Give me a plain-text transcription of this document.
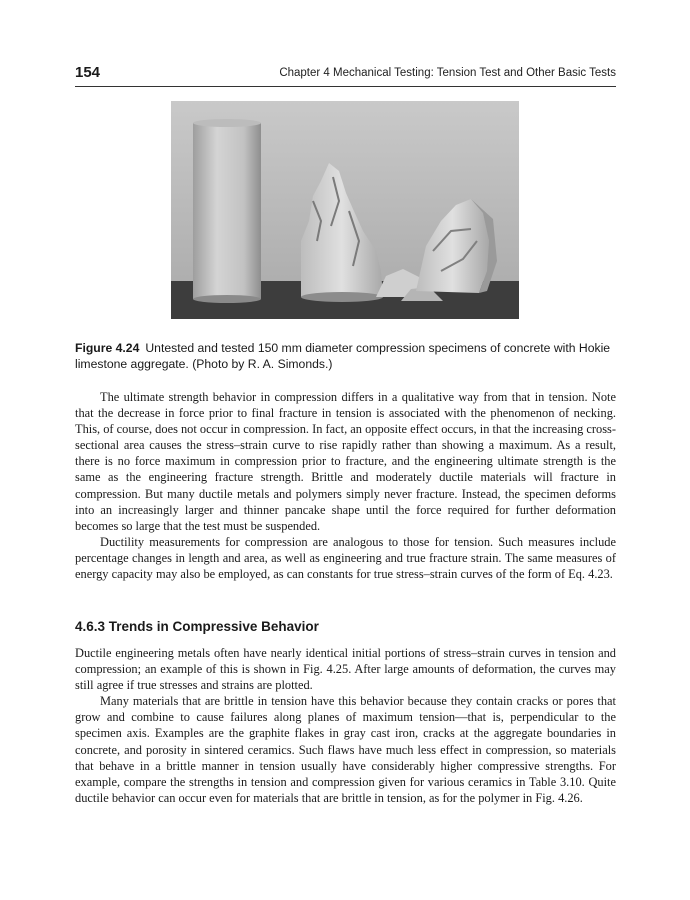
154	Chapter 4 Mechanical Testing: Tension Test and Other Basic Tests
Figure 4.24 Untested and tested 150 mm diameter compression specimens of concrete with Hokie limestone aggregate. (Photo by R. A. Simonds.)

The ultimate strength behavior in compression differs in a qualitative way from that in tension. Note that the decrease in force prior to final fracture in tension is associated with the phenomenon of necking. This, of course, does not occur in compression. In fact, an opposite effect occurs, in that the increasing cross-sectional area causes the stress–strain curve to rise rapidly rather than showing a maximum. As a result, there is no force maximum in compression prior to fracture, and the engineering ultimate strength is the same as the engineering fracture strength. Brittle and moderately ductile materials will fracture in compression. But many ductile metals and polymers simply never fracture. Instead, the specimen deforms into an increasingly larger and thinner pancake shape until the force required for further deformation becomes so large that the test must be suspended.

Ductility measurements for compression are analogous to those for tension. Such measures include percentage changes in length and area, as well as engineering and true fracture strain. The same measures of energy capacity may also be employed, as can constants for true stress–strain curves of the form of Eq. 4.23.

4.6.3 Trends in Compressive Behavior

Ductile engineering metals often have nearly identical initial portions of stress–strain curves in tension and compression; an example of this is shown in Fig. 4.25. After large amounts of deformation, the curves may still agree if true stresses and strains are plotted.

Many materials that are brittle in tension have this behavior because they contain cracks or pores that grow and combine to cause failures along planes of maximum tension—that is, perpendicular to the specimen axis. Examples are the graphite flakes in gray cast iron, cracks at the aggregate boundaries in concrete, and porosity in sintered ceramics. Such flaws have much less effect in compression, so materials that behave in a brittle manner in tension usually have considerably higher compressive strengths. For example, compare the strengths in tension and compression given for various ceramics in Table 3.10. Quite ductile behavior can occur even for materials that are brittle in tension, as for the polymer in Fig. 4.26.
